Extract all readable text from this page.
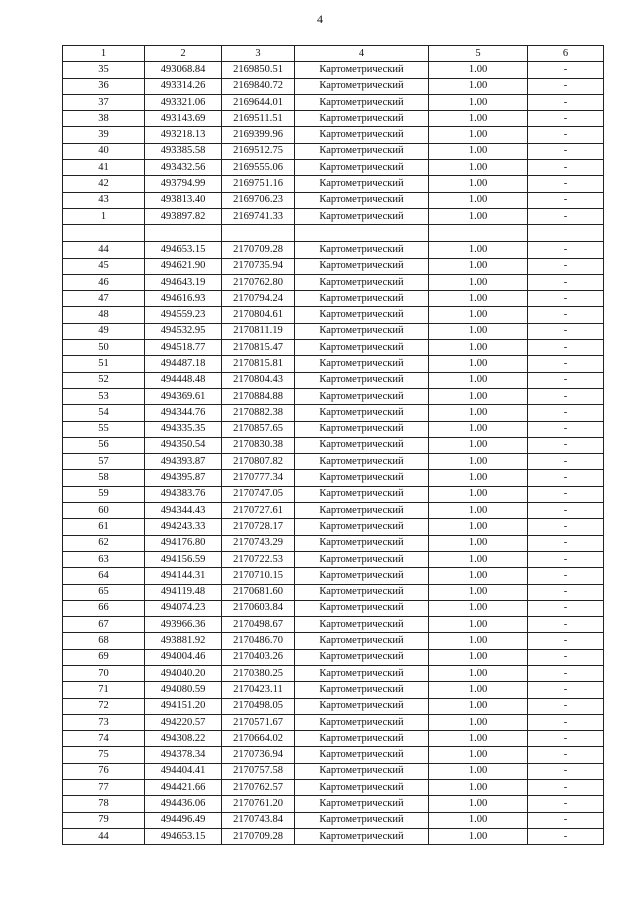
4
1	2	3	4	5	6
35	493068.84	2169850.51	Картометрический	1.00	-
36	493314.26	2169840.72	Картометрический	1.00	-
37	493321.06	2169644.01	Картометрический	1.00	-
38	493143.69	2169511.51	Картометрический	1.00	-
39	493218.13	2169399.96	Картометрический	1.00	-
40	493385.58	2169512.75	Картометрический	1.00	-
41	493432.56	2169555.06	Картометрический	1.00	-
42	493794.99	2169751.16	Картометрический	1.00	-
43	493813.40	2169706.23	Картометрический	1.00	-
1	493897.82	2169741.33	Картометрический	1.00	-

44	494653.15	2170709.28	Картометрический	1.00	-
45	494621.90	2170735.94	Картометрический	1.00	-
46	494643.19	2170762.80	Картометрический	1.00	-
47	494616.93	2170794.24	Картометрический	1.00	-
48	494559.23	2170804.61	Картометрический	1.00	-
49	494532.95	2170811.19	Картометрический	1.00	-
50	494518.77	2170815.47	Картометрический	1.00	-
51	494487.18	2170815.81	Картометрический	1.00	-
52	494448.48	2170804.43	Картометрический	1.00	-
53	494369.61	2170884.88	Картометрический	1.00	-
54	494344.76	2170882.38	Картометрический	1.00	-
55	494335.35	2170857.65	Картометрический	1.00	-
56	494350.54	2170830.38	Картометрический	1.00	-
57	494393.87	2170807.82	Картометрический	1.00	-
58	494395.87	2170777.34	Картометрический	1.00	-
59	494383.76	2170747.05	Картометрический	1.00	-
60	494344.43	2170727.61	Картометрический	1.00	-
61	494243.33	2170728.17	Картометрический	1.00	-
62	494176.80	2170743.29	Картометрический	1.00	-
63	494156.59	2170722.53	Картометрический	1.00	-
64	494144.31	2170710.15	Картометрический	1.00	-
65	494119.48	2170681.60	Картометрический	1.00	-
66	494074.23	2170603.84	Картометрический	1.00	-
67	493966.36	2170498.67	Картометрический	1.00	-
68	493881.92	2170486.70	Картометрический	1.00	-
69	494004.46	2170403.26	Картометрический	1.00	-
70	494040.20	2170380.25	Картометрический	1.00	-
71	494080.59	2170423.11	Картометрический	1.00	-
72	494151.20	2170498.05	Картометрический	1.00	-
73	494220.57	2170571.67	Картометрический	1.00	-
74	494308.22	2170664.02	Картометрический	1.00	-
75	494378.34	2170736.94	Картометрический	1.00	-
76	494404.41	2170757.58	Картометрический	1.00	-
77	494421.66	2170762.57	Картометрический	1.00	-
78	494436.06	2170761.20	Картометрический	1.00	-
79	494496.49	2170743.84	Картометрический	1.00	-
44	494653.15	2170709.28	Картометрический	1.00	-
